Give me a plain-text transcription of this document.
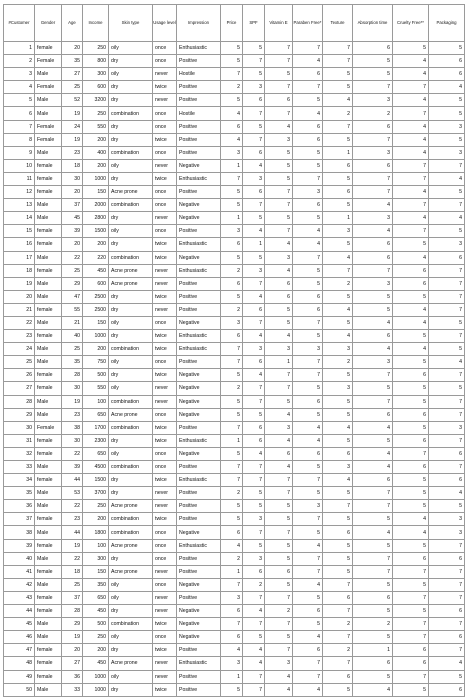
#Customer	Gender	Age	Income	Skin type	Usage level	Impression	Price	SPF	Vitamin E	Paraben Free*	Texture	Absorption time	Cruelty Free**	Packaging
1	female	20	250	oily	once	Enthusiastic	5	5	7	7	7	6	5	5
2	Female	35	800	dry	once	Positive	5	7	7	4	7	5	4	6
3	Male	27	300	oily	never	Hostile	7	5	5	6	5	5	4	6
4	Female	25	600	dry	twice	Positive	2	3	7	7	5	7	7	4
5	Male	52	3200	dry	never	Positive	5	6	6	5	4	3	4	5
6	Male	19	250	combination	once	Hostile	4	7	7	4	2	2	7	5
7	Female	24	550	dry	once	Positive	6	5	4	6	7	6	4	3
8	Female	19	200	dry	twice	Positive	4	7	3	6	5	7	4	5
9	Male	23	400	combination	once	Positive	3	6	5	5	1	3	4	3
10	female	18	200	oily	never	Negative	1	4	5	5	6	6	7	7
11	female	30	1000	dry	twice	Enthusiastic	7	3	5	7	5	7	7	4
12	female	20	150	Acne prone	once	Positive	5	6	7	3	6	7	4	5
13	Male	37	2000	combination	once	Negative	5	7	7	6	5	4	7	7
14	Male	45	2800	dry	never	Negative	1	5	5	5	1	3	4	4
15	female	39	1500	oily	once	Positive	3	4	7	4	3	4	7	5
16	female	20	200	dry	twice	Enthusiastic	6	1	4	4	5	6	5	3
17	Male	22	220	combination	twice	Negative	5	5	3	7	4	6	4	6
18	female	25	450	Acne prone	never	Enthusiastic	2	3	4	5	7	7	6	7
19	Male	29	600	Acne prone	never	Positive	6	7	6	5	2	3	6	7
20	Male	47	2500	dry	twice	Positive	5	4	6	6	5	5	5	7
21	female	55	2500	dry	never	Positive	2	6	5	6	4	5	4	7
22	Male	21	150	oily	once	Negative	3	7	5	7	5	4	4	5
23	female	40	1000	dry	twice	Enthusiastic	6	4	4	5	4	6	5	7
24	Male	25	200	combination	twice	Enthusiastic	7	3	3	3	3	4	4	5
25	Male	35	750	oily	once	Positive	7	6	1	7	2	3	5	4
26	female	28	500	dry	twice	Negative	5	4	7	7	5	7	6	7
27	female	30	550	oily	never	Negative	2	7	7	5	3	5	5	5
28	Male	19	100	combination	never	Negative	5	7	5	6	5	7	5	7
29	Male	23	650	Acne prone	once	Negative	5	5	4	5	5	6	6	7
30	Female	38	1700	combination	twice	Positive	7	6	3	4	4	4	5	3
31	female	30	2300	dry	twice	Enthusiastic	1	6	4	4	5	5	6	7
32	female	22	650	oily	once	Negative	5	4	6	6	6	4	7	6
33	Male	39	4500	combination	once	Positive	7	7	4	5	3	4	6	7
34	female	44	1500	dry	twice	Enthusiastic	7	7	7	7	4	6	5	6
35	Male	53	3700	dry	never	Positive	2	5	7	5	5	7	5	4
36	Male	22	250	Acne prone	never	Positive	5	5	5	3	7	7	5	5
37	female	23	200	combination	twice	Positive	5	3	5	7	5	5	4	3
38	Male	44	1800	combination	once	Negative	6	7	7	5	6	4	4	3
39	female	19	100	Acne prone	once	Enthusiastic	4	5	5	4	5	5	5	7
40	Male	22	300	dry	once	Positive	2	3	5	7	5	7	6	6
41	female	18	150	Acne prone	never	Positive	1	6	6	7	5	7	7	7
42	Male	25	350	oily	once	Negative	7	2	5	4	7	5	5	7
43	female	37	650	oily	never	Positive	3	7	7	5	6	6	7	7
44	female	28	450	dry	never	Negative	6	4	2	6	7	5	5	6
45	Male	29	500	combination	twice	Negative	7	7	7	5	2	2	7	7
46	Male	19	250	oily	once	Negative	6	5	5	4	7	5	7	6
47	female	20	200	dry	twice	Positive	4	4	7	6	2	1	6	7
48	female	27	450	Acne prone	never	Enthusiastic	3	4	3	7	7	6	6	4
49	female	36	1000	oily	never	Positive	1	7	4	7	6	5	7	5
50	Male	33	1000	dry	twice	Positive	5	7	4	4	5	4	5	6
